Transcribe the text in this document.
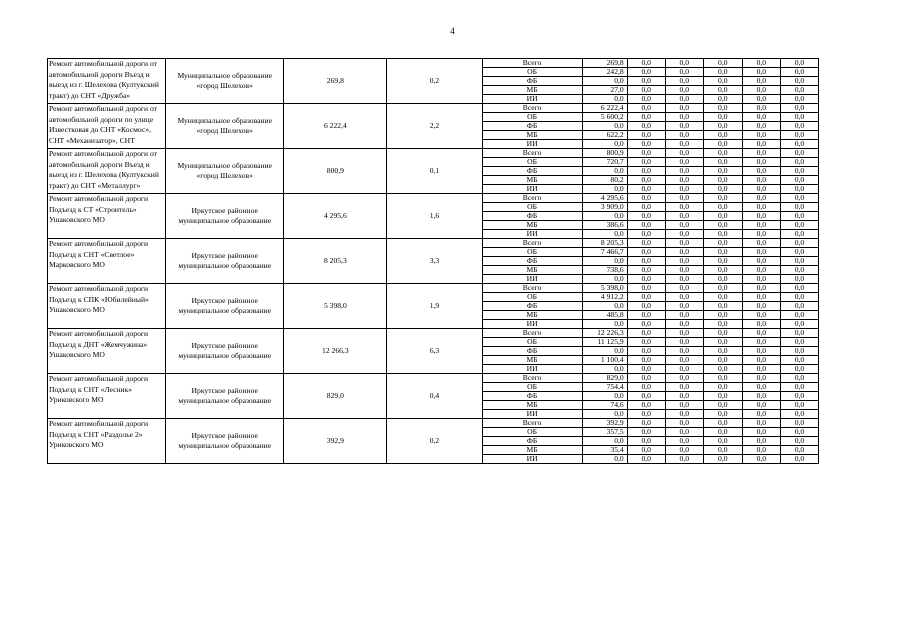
4
Ремонт автомобильной дороги от автомобильной дороги Въезд и выезд из г. Шелехова (Култукский тракт) до СНТ «Дружба»	Муниципальное образование «город Шелехов»	269,8	0,2	Всего	269,8	0,0	0,0	0,0	0,0	0,0
				ОБ	242,8	0,0	0,0	0,0	0,0	0,0
				ФБ	0,0	0,0	0,0	0,0	0,0	0,0
				МБ	27,0	0,0	0,0	0,0	0,0	0,0
				ИИ	0,0	0,0	0,0	0,0	0,0	0,0
Ремонт автомобильной дороги от автомобильной дороги по улице Известковая до СНТ «Космос», СНТ «Механизатор», СНТ	Муниципальное образование «город Шелехов»	6 222,4	2,2	Всего	6 222,4	0,0	0,0	0,0	0,0	0,0
				ОБ	5 600,2	0,0	0,0	0,0	0,0	0,0
				ФБ	0,0	0,0	0,0	0,0	0,0	0,0
				МБ	622,2	0,0	0,0	0,0	0,0	0,0
				ИИ	0,0	0,0	0,0	0,0	0,0	0,0
Ремонт автомобильной дороги от автомобильной дороги Въезд и выезд из г. Шелехова (Култукский тракт) до СНТ «Металлург»	Муниципальное образование «город Шелехов»	800,9	0,1	Всего	800,9	0,0	0,0	0,0	0,0	0,0
				ОБ	720,7	0,0	0,0	0,0	0,0	0,0
				ФБ	0,0	0,0	0,0	0,0	0,0	0,0
				МБ	80,2	0,0	0,0	0,0	0,0	0,0
				ИИ	0,0	0,0	0,0	0,0	0,0	0,0
Ремонт автомобильной дороги Подъезд к СТ «Строитель» Ушаковского МО	Иркутское районное муниципальное образование	4 295,6	1,6	Всего	4 295,6	0,0	0,0	0,0	0,0	0,0
				ОБ	3 909,0	0,0	0,0	0,0	0,0	0,0
				ФБ	0,0	0,0	0,0	0,0	0,0	0,0
				МБ	386,6	0,0	0,0	0,0	0,0	0,0
				ИИ	0,0	0,0	0,0	0,0	0,0	0,0
Ремонт автомобильной дороги Подъезд к СНТ «Светлое» Марковского МО	Иркутское районное муниципальное образование	8 205,3	3,3	Всего	8 205,3	0,0	0,0	0,0	0,0	0,0
				ОБ	7 466,7	0,0	0,0	0,0	0,0	0,0
				ФБ	0,0	0,0	0,0	0,0	0,0	0,0
				МБ	738,6	0,0	0,0	0,0	0,0	0,0
				ИИ	0,0	0,0	0,0	0,0	0,0	0,0
Ремонт автомобильной дороги Подъезд к СПК «Юбилейный» Ушаковского МО	Иркутское районное муниципальное образование	5 398,0	1,9	Всего	5 398,0	0,0	0,0	0,0	0,0	0,0
				ОБ	4 912,2	0,0	0,0	0,0	0,0	0,0
				ФБ	0,0	0,0	0,0	0,0	0,0	0,0
				МБ	485,8	0,0	0,0	0,0	0,0	0,0
				ИИ	0,0	0,0	0,0	0,0	0,0	0,0
Ремонт автомобильной дороги Подъезд к ДНТ «Жемчужина» Ушаковского МО	Иркутское районное муниципальное образование	12 266,3	6,3	Всего	12 226,3	0,0	0,0	0,0	0,0	0,0
				ОБ	11 125,9	0,0	0,0	0,0	0,0	0,0
				ФБ	0,0	0,0	0,0	0,0	0,0	0,0
				МБ	1 100,4	0,0	0,0	0,0	0,0	0,0
				ИИ	0,0	0,0	0,0	0,0	0,0	0,0
Ремонт автомобильной дороги Подъезд к СНТ «Лесник» Уриковского МО	Иркутское районное муниципальное образование	829,0	0,4	Всего	829,0	0,0	0,0	0,0	0,0	0,0
				ОБ	754,4	0,0	0,0	0,0	0,0	0,0
				ФБ	0,0	0,0	0,0	0,0	0,0	0,0
				МБ	74,6	0,0	0,0	0,0	0,0	0,0
				ИИ	0,0	0,0	0,0	0,0	0,0	0,0
Ремонт автомобильной дороги Подъезд к СНТ «Раздолье 2» Уриковского МО	Иркутское районное муниципальное образование	392,9	0,2	Всего	392,9	0,0	0,0	0,0	0,0	0,0
				ОБ	357,5	0,0	0,0	0,0	0,0	0,0
				ФБ	0,0	0,0	0,0	0,0	0,0	0,0
				МБ	35,4	0,0	0,0	0,0	0,0	0,0
				ИИ	0,0	0,0	0,0	0,0	0,0	0,0
